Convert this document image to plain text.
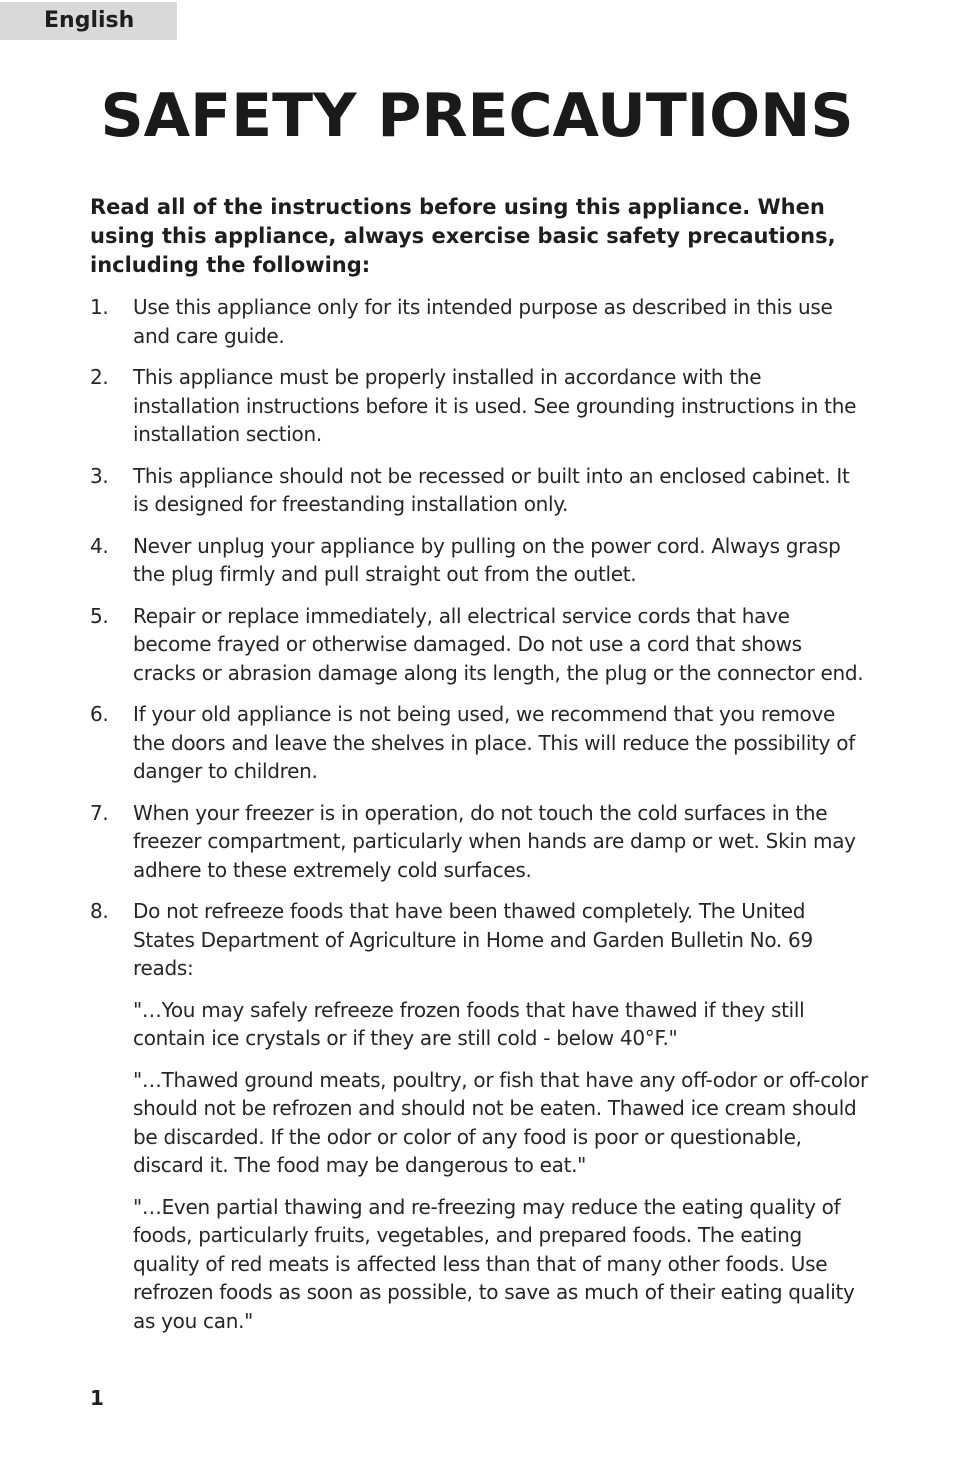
English
SAFETY PRECAUTIONS

Read all of the instructions before using this appliance. When using this appliance, always exercise basic safety precautions, including the following:

1. Use this appliance only for its intended purpose as described in this use and care guide.
2. This appliance must be properly installed in accordance with the installation instructions before it is used. See grounding instructions in the installation section.
3. This appliance should not be recessed or built into an enclosed cabinet. It is designed for freestanding installation only.
4. Never unplug your appliance by pulling on the power cord. Always grasp the plug firmly and pull straight out from the outlet.
5. Repair or replace immediately, all electrical service cords that have become frayed or otherwise damaged. Do not use a cord that shows cracks or abrasion damage along its length, the plug or the connector end.
6. If your old appliance is not being used, we recommend that you remove the doors and leave the shelves in place. This will reduce the possibility of danger to children.
7. When your freezer is in operation, do not touch the cold surfaces in the freezer compartment, particularly when hands are damp or wet. Skin may adhere to these extremely cold surfaces.
8. Do not refreeze foods that have been thawed completely. The United States Department of Agriculture in Home and Garden Bulletin No. 69 reads:
"…You may safely refreeze frozen foods that have thawed if they still contain ice crystals or if they are still cold - below 40°F."
"…Thawed ground meats, poultry, or fish that have any off-odor or off-color should not be refrozen and should not be eaten. Thawed ice cream should be discarded. If the odor or color of any food is poor or questionable, discard it. The food may be dangerous to eat."
"…Even partial thawing and re-freezing may reduce the eating quality of foods, particularly fruits, vegetables, and prepared foods. The eating quality of red meats is affected less than that of many other foods. Use refrozen foods as soon as possible, to save as much of their eating quality as you can."
1
